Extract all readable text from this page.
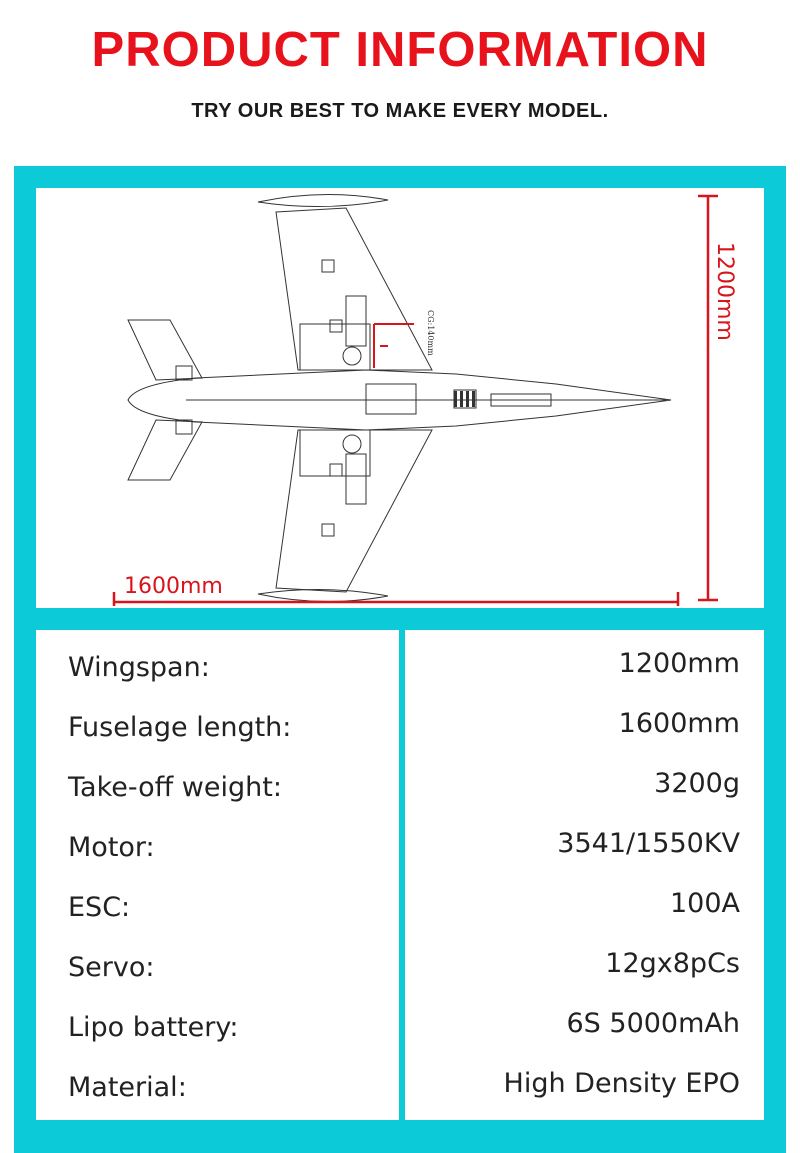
PRODUCT INFORMATION
TRY OUR BEST TO MAKE EVERY MODEL.
CG:140mm	1200mm
1600mm
Wingspan:
Fuselage length:
Take-off weight:
Motor:
ESC:
Servo:
Lipo battery:
Material:
1200mm
1600mm
3200g
3541/1550KV
100A
12gx8pCs
6S 5000mAh
High Density EPO
